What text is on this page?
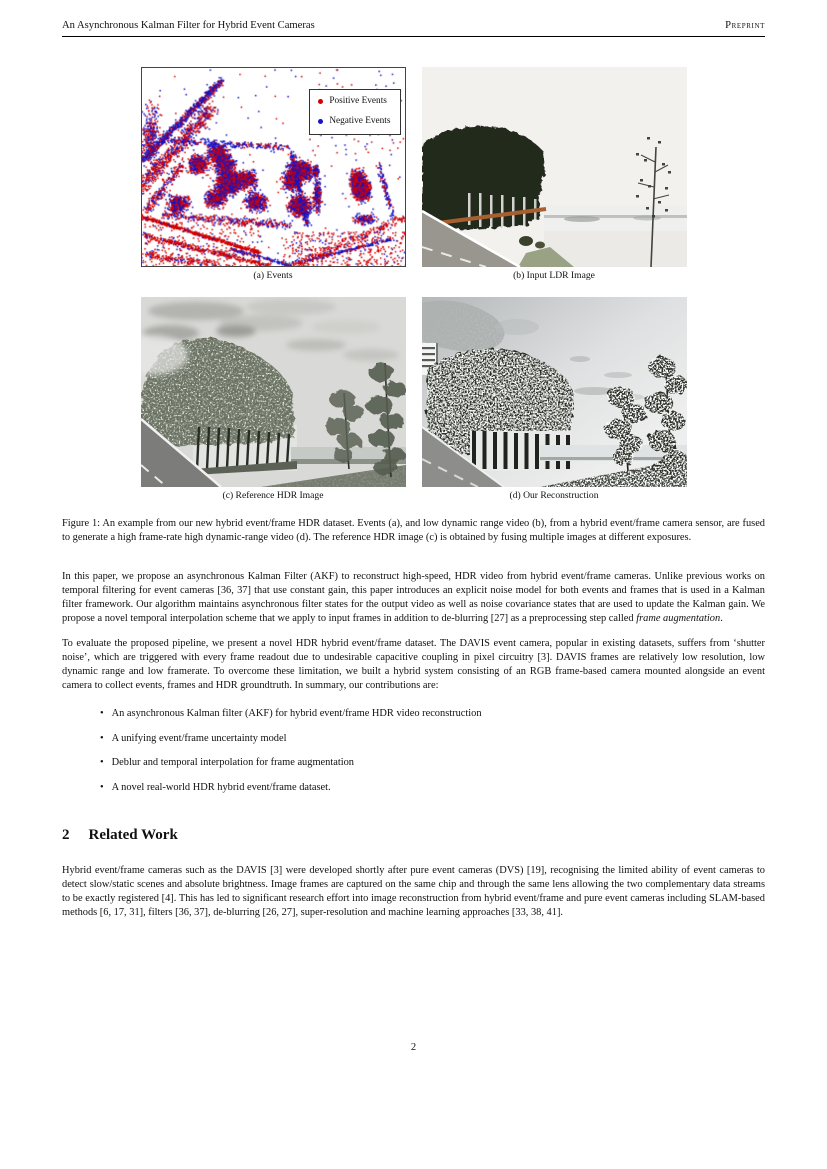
An Asynchronous Kalman Filter for Hybrid Event Cameras	Preprint
Positive Events
Negative Events
(a) Events	(b) Input LDR Image
(c) Reference HDR Image	(d) Our Reconstruction
Figure 1: An example from our new hybrid event/frame HDR dataset. Events (a), and low dynamic range video (b), from a hybrid event/frame camera sensor, are fused to generate a high frame-rate high dynamic-range video (d). The reference HDR image (c) is obtained by fusing multiple images at different exposures.

In this paper, we propose an asynchronous Kalman Filter (AKF) to reconstruct high-speed, HDR video from hybrid event/frame cameras. Unlike previous works on temporal filtering for event cameras [36, 37] that use constant gain, this paper introduces an explicit noise model for both events and frames that is used in a Kalman filter framework. Our algorithm maintains asynchronous filter states for the output video as well as noise covariance states that are used to update the Kalman gain. We propose a novel temporal interpolation scheme that we apply to input frames in addition to de-blurring [27] as a preprocessing step called frame augmentation.

To evaluate the proposed pipeline, we present a novel HDR hybrid event/frame dataset. The DAVIS event camera, popular in existing datasets, suffers from ‘shutter noise’, which are triggered with every frame readout due to undesirable capacitive coupling in pixel circuitry [3]. DAVIS frames are relatively low resolution, low dynamic range and low framerate. To overcome these limitation, we built a hybrid system consisting of an RGB frame-based camera mounted alongside an event camera to collect events, frames and HDR groundtruth. In summary, our contributions are:

• An asynchronous Kalman filter (AKF) for hybrid event/frame HDR video reconstruction
• A unifying event/frame uncertainty model
• Deblur and temporal interpolation for frame augmentation
• A novel real-world HDR hybrid event/frame dataset.
2 Related Work

Hybrid event/frame cameras such as the DAVIS [3] were developed shortly after pure event cameras (DVS) [19], recognising the limited ability of event cameras to detect slow/static scenes and absolute brightness. Image frames are captured on the same chip and through the same lens allowing the two complementary data streams to be exactly registered [4]. This has led to significant research effort into image reconstruction from hybrid event/frame and pure event cameras including SLAM-based methods [6, 17, 31], filters [36, 37], de-blurring [26, 27], super-resolution and machine learning approaches [33, 38, 41].

2
